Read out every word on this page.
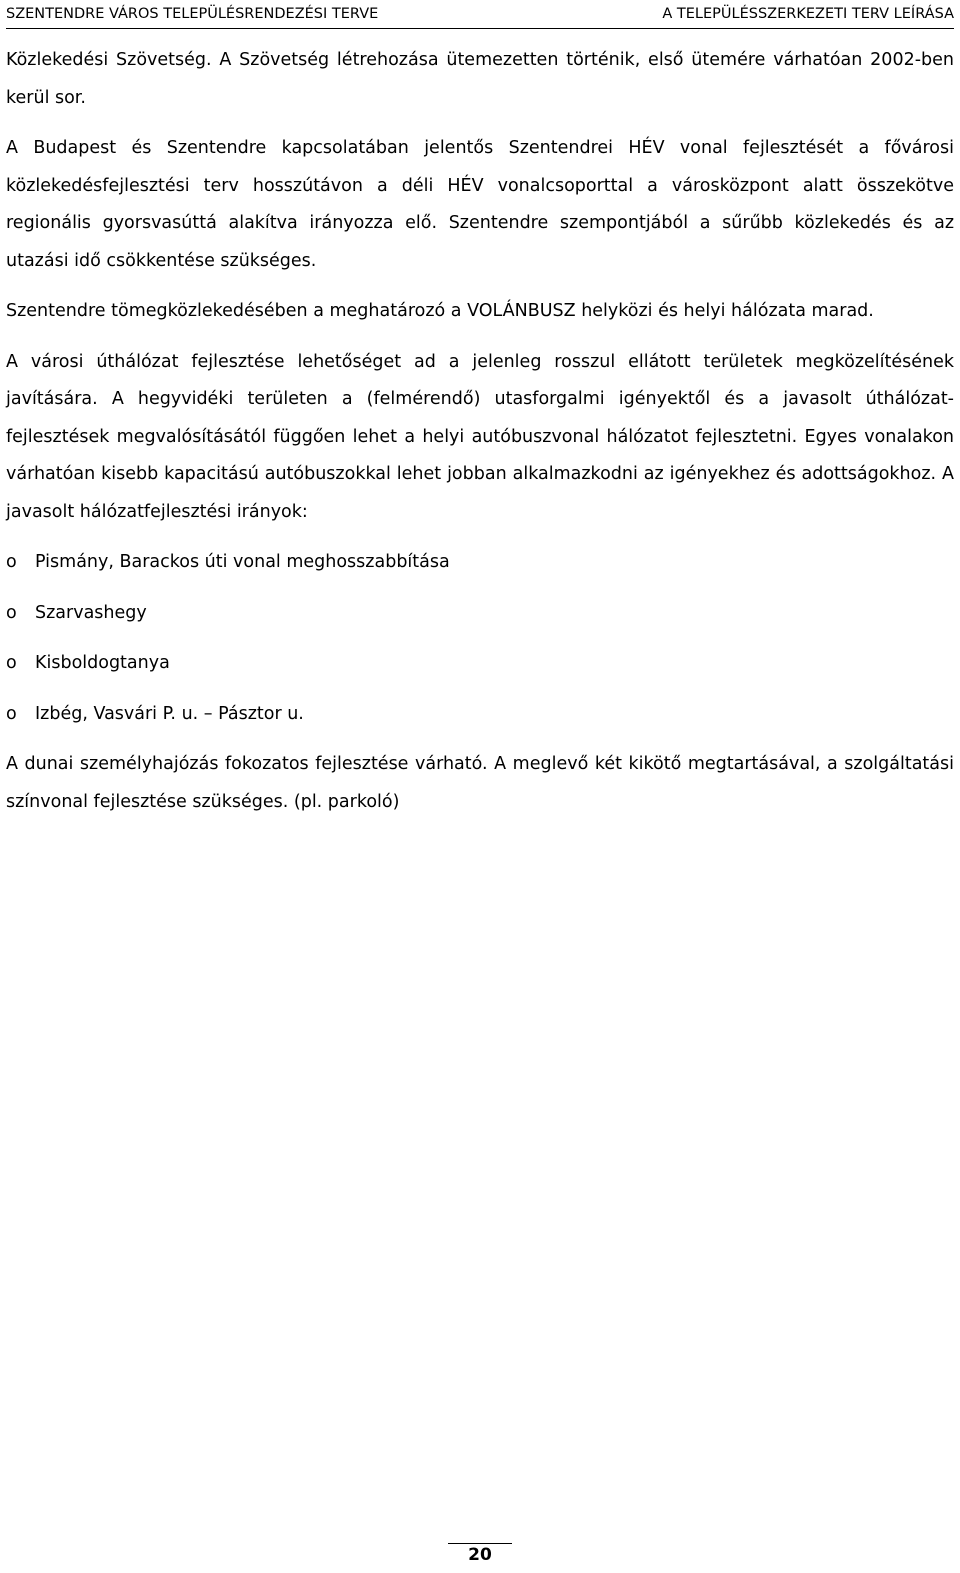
SZENTENDRE VÁROS TELEPÜLÉSRENDEZÉSI TERVE	A TELEPÜLÉSSZERKEZETI TERV LEÍRÁSA

Közlekedési Szövetség. A Szövetség létrehozása ütemezetten történik, első ütemére várhatóan 2002-ben kerül sor.

A Budapest és Szentendre kapcsolatában jelentős Szentendrei HÉV vonal fejlesztését a fővárosi közlekedésfejlesztési terv hosszútávon a déli HÉV vonalcsoporttal a városközpont alatt összekötve regionális gyorsvasúttá alakítva irányozza elő. Szentendre szempontjából a sűrűbb közlekedés és az utazási idő csökkentése szükséges.

Szentendre tömegközlekedésében a meghatározó a VOLÁNBUSZ helyközi és helyi hálózata marad.

A városi úthálózat fejlesztése lehetőséget ad a jelenleg rosszul ellátott területek megközelítésének javítására. A hegyvidéki területen a (felmérendő) utasforgalmi igényektől és a javasolt úthálózat-fejlesztések megvalósításától függően lehet a helyi autóbuszvonal hálózatot fejlesztetni. Egyes vonalakon várhatóan kisebb kapacitású autóbuszokkal lehet jobban alkalmazkodni az igényekhez és adottságokhoz. A javasolt hálózatfejlesztési irányok:

o Pismány, Barackos úti vonal meghosszabbítása
o Szarvashegy
o Kisboldogtanya
o Izbég, Vasvári P. u. – Pásztor u.

A dunai személyhajózás fokozatos fejlesztése várható. A meglevő két kikötő megtartásával, a szolgáltatási színvonal fejlesztése szükséges. (pl. parkoló)

20
